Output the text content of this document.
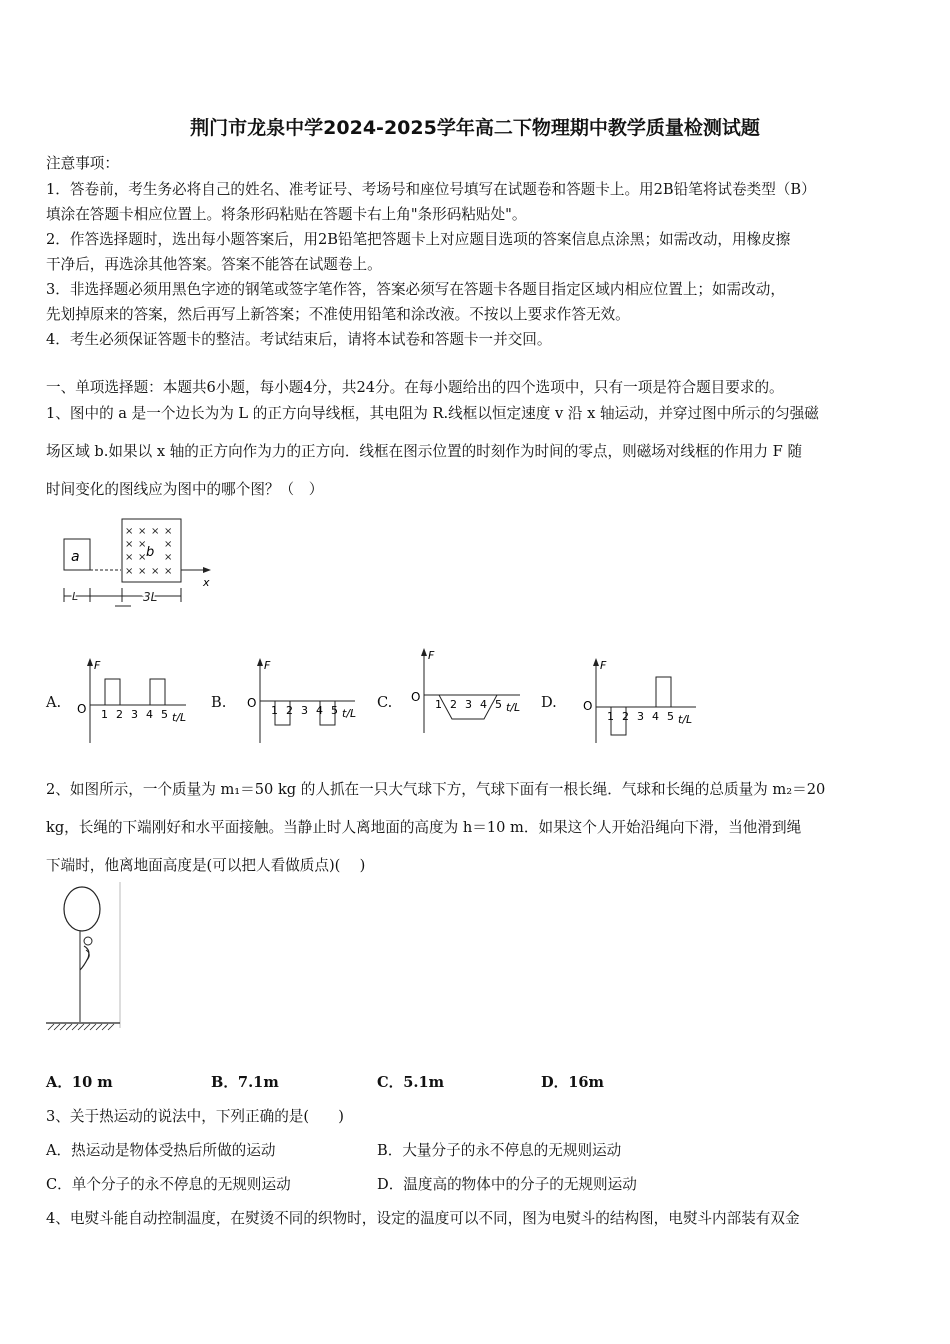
荆门市龙泉中学2024-2025学年高二下物理期中教学质量检测试题
注意事项：
1．答卷前，考生务必将自己的姓名、准考证号、考场号和座位号填写在试题卷和答题卡上。用2B铅笔将试卷类型（B）
填涂在答题卡相应位置上。将条形码粘贴在答题卡右上角"条形码粘贴处"。
2．作答选择题时，选出每小题答案后，用2B铅笔把答题卡上对应题目选项的答案信息点涂黑；如需改动，用橡皮擦
干净后，再选涂其他答案。答案不能答在试题卷上。
3．非选择题必须用黑色字迹的钢笔或签字笔作答，答案必须写在答题卡各题目指定区域内相应位置上；如需改动，
先划掉原来的答案，然后再写上新答案；不准使用铅笔和涂改液。不按以上要求作答无效。
4．考生必须保证答题卡的整洁。考试结束后，请将本试卷和答题卡一并交回。
一、单项选择题：本题共6小题，每小题4分，共24分。在每小题给出的四个选项中，只有一项是符合题目要求的。
1、图中的 a 是一个边长为为 L 的正方向导线框，其电阻为 R.线框以恒定速度 v 沿 x 轴运动，并穿过图中所示的匀强磁
场区域 b.如果以 x 轴的正方向作为力的正方向．线框在图示位置的时刻作为时间的零点，则磁场对线框的作用力 F 随
时间变化的图线应为图中的哪个图？（　）
a
× × × ×
× × ×
× × ×
× × × ×
b
x
L	3L
A.	B.	C.	D.
F
O 1 2 3 4 5 t/L
F
O
1 2 3 4 5 t/L
F
O
1 2 3 4 5 t/L
F
O
1 2 3 4 5 t/L
2、如图所示，一个质量为 m₁＝50 kg 的人抓在一只大气球下方，气球下面有一根长绳．气球和长绳的总质量为 m₂＝20
kg，长绳的下端刚好和水平面接触。当静止时人离地面的高度为 h＝10 m．如果这个人开始沿绳向下滑，当他滑到绳
下端时，他离地面高度是(可以把人看做质点)(　 )
A．10 m	B．7.1m	C．5.1m	D．16m
3、关于热运动的说法中，下列正确的是(　　)
A．热运动是物体受热后所做的运动	B．大量分子的永不停息的无规则运动
C．单个分子的永不停息的无规则运动	D．温度高的物体中的分子的无规则运动
4、电熨斗能自动控制温度，在熨烫不同的织物时，设定的温度可以不同，图为电熨斗的结构图，电熨斗内部装有双金
